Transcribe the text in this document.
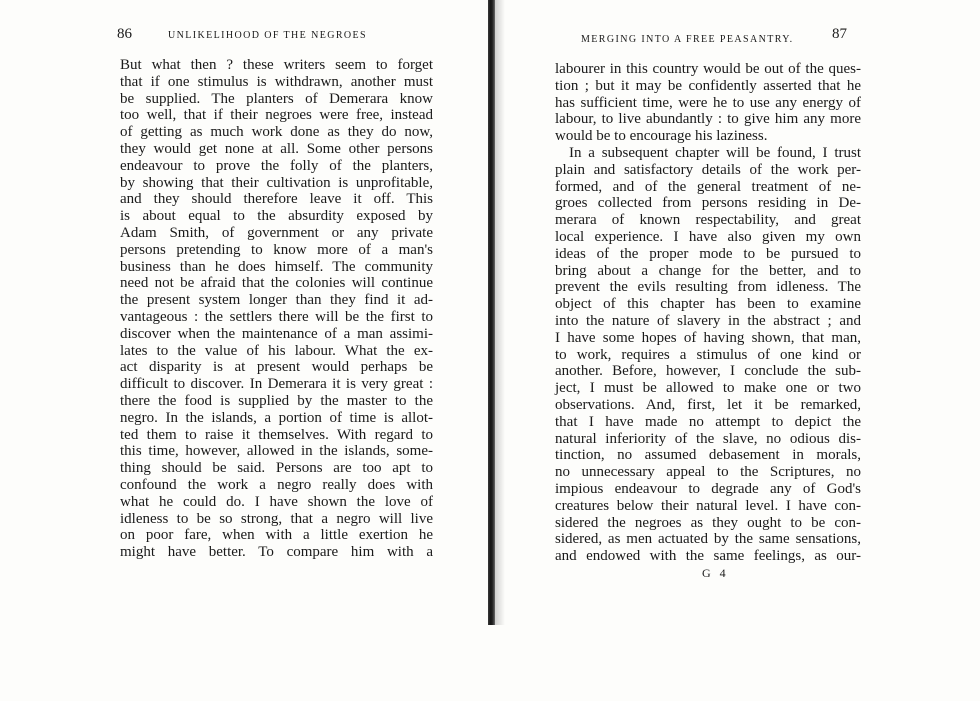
86	UNLIKELIHOOD OF THE NEGROES
But what then ? these writers seem to forget
that if one stimulus is withdrawn, another must
be supplied. The planters of Demerara know
too well, that if their negroes were free, instead
of getting as much work done as they do now,
they would get none at all. Some other persons
endeavour to prove the folly of the planters,
by showing that their cultivation is unprofitable,
and they should therefore leave it off. This
is about equal to the absurdity exposed by
Adam Smith, of government or any private
persons pretending to know more of a man's
business than he does himself. The community
need not be afraid that the colonies will continue
the present system longer than they find it ad-
vantageous : the settlers there will be the first to
discover when the maintenance of a man assimi-
lates to the value of his labour. What the ex-
act disparity is at present would perhaps be
difficult to discover. In Demerara it is very great :
there the food is supplied by the master to the
negro. In the islands, a portion of time is allot-
ted them to raise it themselves. With regard to
this time, however, allowed in the islands, some-
thing should be said. Persons are too apt to
confound the work a negro really does with
what he could do. I have shown the love of
idleness to be so strong, that a negro will live
on poor fare, when with a little exertion he
might have better. To compare him with a
MERGING INTO A FREE PEASANTRY.	87
labourer in this country would be out of the ques-
tion ; but it may be confidently asserted that he
has sufficient time, were he to use any energy of
labour, to live abundantly : to give him any more
would be to encourage his laziness.
In a subsequent chapter will be found, I trust
plain and satisfactory details of the work per-
formed, and of the general treatment of ne-
groes collected from persons residing in De-
merara of known respectability, and great
local experience. I have also given my own
ideas of the proper mode to be pursued to
bring about a change for the better, and to
prevent the evils resulting from idleness. The
object of this chapter has been to examine
into the nature of slavery in the abstract ; and
I have some hopes of having shown, that man,
to work, requires a stimulus of one kind or
another. Before, however, I conclude the sub-
ject, I must be allowed to make one or two
observations. And, first, let it be remarked,
that I have made no attempt to depict the
natural inferiority of the slave, no odious dis-
tinction, no assumed debasement in morals,
no unnecessary appeal to the Scriptures, no
impious endeavour to degrade any of God's
creatures below their natural level. I have con-
sidered the negroes as they ought to be con-
sidered, as men actuated by the same sensations,
and endowed with the same feelings, as our-
G 4
